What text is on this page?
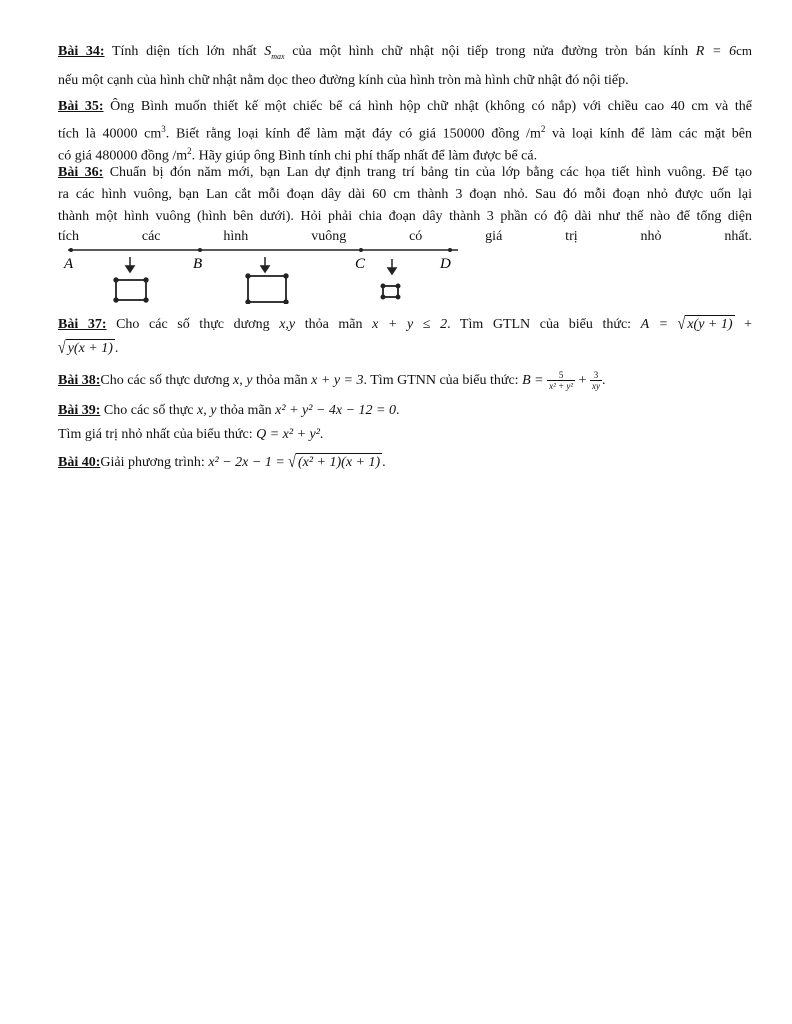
Bài 34: Tính diện tích lớn nhất $S_{max}$ của một hình chữ nhật nội tiếp trong nửa đường tròn bán kính R = 6cm
nếu một cạnh của hình chữ nhật nằm dọc theo đường kính của hình tròn mà hình chữ nhật đó nội tiếp.
Bài 35: Ông Bình muốn thiết kế một chiếc bể cá hình hộp chữ nhật (không có nắp) với chiều cao 40 cm và thể
tích là 40000 $cm^3$. Biết rằng loại kính để làm mặt đáy có giá 150000 đồng $/m^2$ và loại kính để làm các mặt bên
có giá 480000 đồng $/m^2$. Hãy giúp ông Bình tính chi phí thấp nhất để làm được bể cá.
Bài 36: Chuẩn bị đón năm mới, bạn Lan dự định trang trí bảng tin của lớp bằng các họa tiết hình vuông. Để tạo
ra các hình vuông, bạn Lan cắt mỗi đoạn dây dài 60 cm thành 3 đoạn nhỏ. Sau đó mỗi đoạn nhỏ được uốn lại
thành một hình vuông (hình bên dưới). Hỏi phải chia đoạn dây thành 3 phần có độ dài như thế nào để tổng diện
tích các hình vuông có giá trị nhỏ nhất.
A	B	C	D
Bài 37: Cho các số thực dương x,y thỏa mãn x + y ≤ 2. Tìm GTLN của biểu thức: A = √ x(y + 1) +
√ y(x + 1) .
Bài 38:Cho các số thực dương x, y thỏa mãn x + y = 3. Tìm GTNN của biểu thức: $B = \frac{5}{\text{x² + y²}} + \frac{3}{xy}$ .
Bài 39: Cho các số thực x, y thỏa mãn x² + y² − 4x − 12 = 0.
Tìm giá trị nhỏ nhất của biểu thức: Q = x² + y².
Bài 40:Giải phương trình: x² − 2x − 1 = √ (x² + 1)(x + 1) .
